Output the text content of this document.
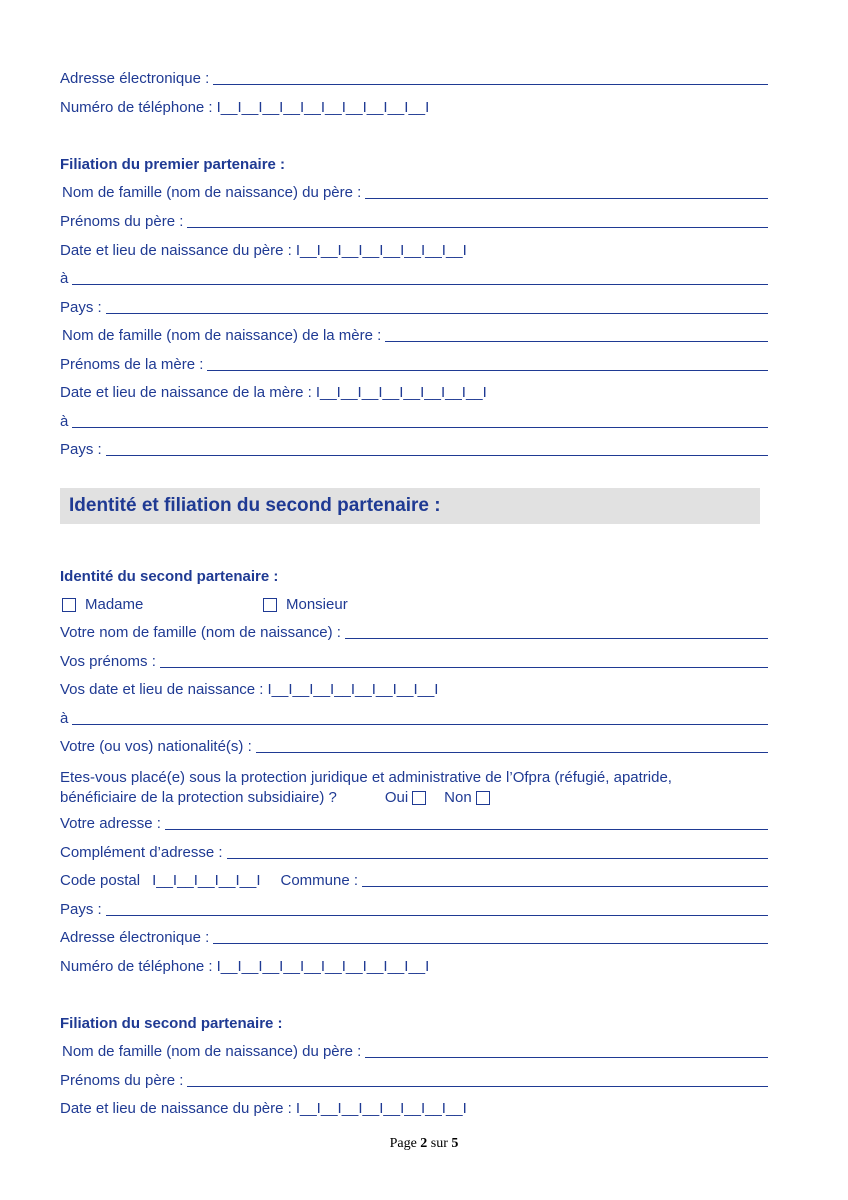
Adresse électronique :
Numéro de téléphone : I__I__I__I__I__I__I__I__I__I__I
Filiation du premier partenaire :
Nom de famille (nom de naissance) du père :
Prénoms du père :
Date et lieu de naissance du père : I__I__I__I__I__I__I__I__I
à
Pays :
Nom de famille (nom de naissance) de la mère :
Prénoms de la mère :
Date et lieu de naissance de la mère : I__I__I__I__I__I__I__I__I
à
Pays :
Identité et filiation du second partenaire :
Identité du second partenaire :
Madame	Monsieur
Votre nom de famille (nom de naissance) :
Vos prénoms :
Vos date et lieu de naissance : I__I__I__I__I__I__I__I__I
à
Votre (ou vos) nationalité(s) :
Etes-vous placé(e) sous la protection juridique et administrative de l’Ofpra (réfugié, apatride,
bénéficiaire de la protection subsidiaire) ?	Oui Non
Votre adresse :
Complément d’adresse :
Code postal I__I__I__I__I__I Commune :
Pays :
Adresse électronique :
Numéro de téléphone : I__I__I__I__I__I__I__I__I__I__I
Filiation du second partenaire :
Nom de famille (nom de naissance) du père :
Prénoms du père :
Date et lieu de naissance du père : I__I__I__I__I__I__I__I__I
Page 2 sur 5
